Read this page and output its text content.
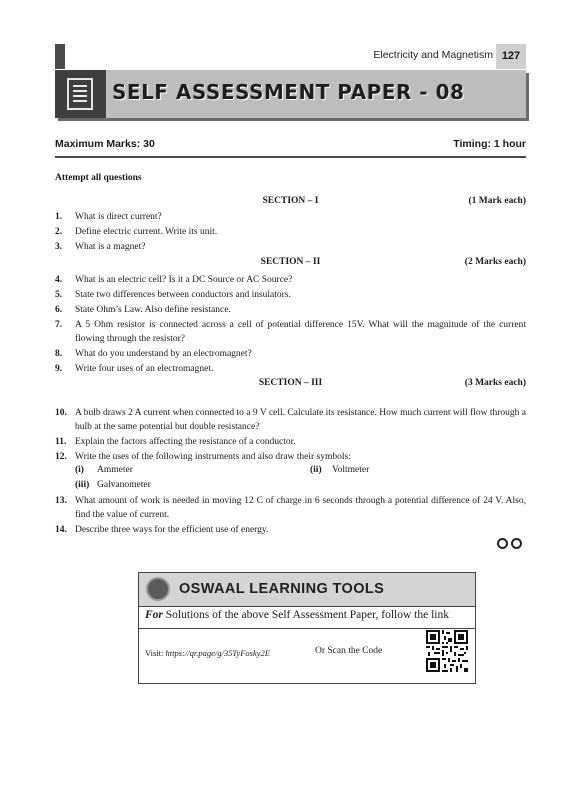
Electricity and Magnetism 127
SELF ASSESSMENT PAPER - 08
Maximum Marks: 30	Timing: 1 hour
Attempt all questions
SECTION – I	(1 Mark each)
1. What is direct current?
2. Define electric current. Write its unit.
3. What is a magnet?
SECTION – II	(2 Marks each)
4. What is an electric cell? Is it a DC Source or AC Source?
5. State two differences between conductors and insulators.
6. State Ohm’s Law. Also define resistance.
7. A 5 Ohm resistor is connected across a cell of potential difference 15V. What will the magnitude of the current flowing through the resistor?
8. What do you understand by an electromagnet?
9. Write four uses of an electromagnet.
SECTION – III	(3 Marks each)
10. A bulb draws 2 A current when connected to a 9 V cell. Calculate its resistance. How much current will flow through a bulb at the same potential but double resistance?
11. Explain the factors affecting the resistance of a conductor.
12. Write the uses of the following instruments and also draw their symbols:
(i) Ammeter	(ii) Voltmeter
(iii) Galvanometer
13. What amount of work is needed in moving 12 C of charge in 6 seconds through a potential difference of 24 V. Also, find the value of current.
14. Describe three ways for the efficient use of energy.
OSWAAL LEARNING TOOLS
For Solutions of the above Self Assessment Paper, follow the link
Visit: https://qr.page/g/35TyFosky2E	Or Scan the Code
